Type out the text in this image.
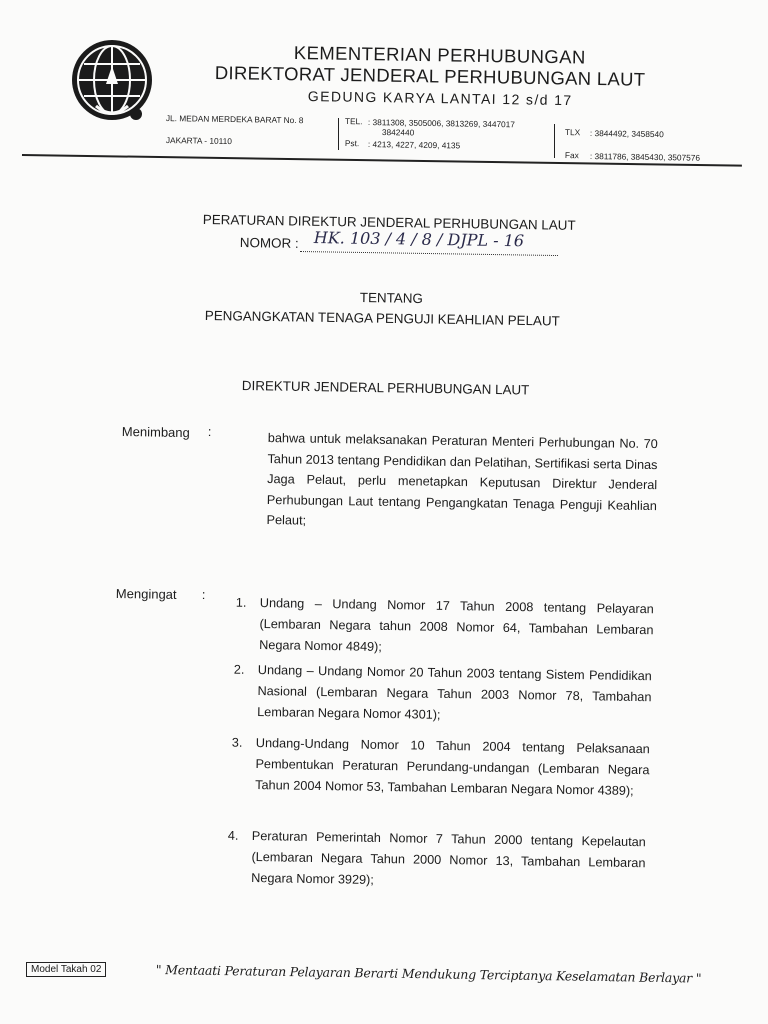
KEMENTERIAN PERHUBUNGAN
DIREKTORAT JENDERAL PERHUBUNGAN LAUT
GEDUNG KARYA LANTAI 12 s/d 17
JL. MEDAN MERDEKA BARAT No. 8
JAKARTA - 10110
TEL. : 3811308, 3505006, 3813269, 3447017
3842440
Pst. : 4213, 4227, 4209, 4135
TLX : 3844492, 3458540
Fax : 3811786, 3845430, 3507576
PERATURAN DIREKTUR JENDERAL PERHUBUNGAN LAUT
NOMOR : HK. 103 / 4 / 8 / DJPL - 16
TENTANG
PENGANGKATAN TENAGA PENGUJI KEAHLIAN PELAUT
DIREKTUR JENDERAL PERHUBUNGAN LAUT
Menimbang :	bahwa untuk melaksanakan Peraturan Menteri Perhubungan No. 70 Tahun 2013 tentang Pendidikan dan Pelatihan, Sertifikasi serta Dinas Jaga Pelaut, perlu menetapkan Keputusan Direktur Jenderal Perhubungan Laut tentang Pengangkatan Tenaga Penguji Keahlian Pelaut;
Mengingat :
1. Undang – Undang Nomor 17 Tahun 2008 tentang Pelayaran (Lembaran Negara tahun 2008 Nomor 64, Tambahan Lembaran Negara Nomor 4849);
2. Undang – Undang Nomor 20 Tahun 2003 tentang Sistem Pendidikan Nasional (Lembaran Negara Tahun 2003 Nomor 78, Tambahan Lembaran Negara Nomor 4301);
3. Undang-Undang Nomor 10 Tahun 2004 tentang Pelaksanaan Pembentukan Peraturan Perundang-undangan (Lembaran Negara Tahun 2004 Nomor 53, Tambahan Lembaran Negara Nomor 4389);
4. Peraturan Pemerintah Nomor 7 Tahun 2000 tentang Kepelautan (Lembaran Negara Tahun 2000 Nomor 13, Tambahan Lembaran Negara Nomor 3929);
Model Takah 02	" Mentaati Peraturan Pelayaran Berarti Mendukung Terciptanya Keselamatan Berlayar "
